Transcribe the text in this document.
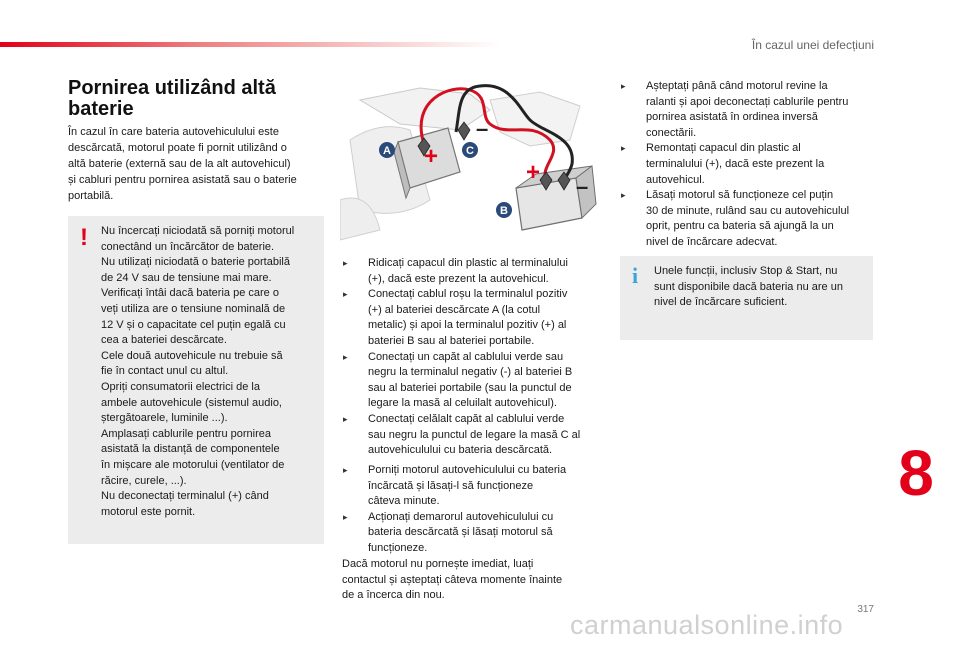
În cazul unei defecțiuni
Pornirea utilizând altă
baterie
În cazul în care bateria autovehiculului este
descărcată, motorul poate fi pornit utilizând o
altă baterie (externă sau de la alt autovehicul)
și cabluri pentru pornirea asistată sau o baterie
portabilă.
!	Nu încercați niciodată să porniți motorul
conectând un încărcător de baterie.
Nu utilizați niciodată o baterie portabilă
de 24 V sau de tensiune mai mare.
Verificați întâi dacă bateria pe care o
veți utiliza are o tensiune nominală de
12 V și o capacitate cel puțin egală cu
cea a bateriei descărcate.
Cele două autovehicule nu trebuie să
fie în contact unul cu altul.
Opriți consumatorii electrici de la
ambele autovehicule (sistemul audio,
ștergătoarele, luminile ...).
Amplasați cablurile pentru pornirea
asistată la distanță de componentele
în mișcare ale motorului (ventilator de
răcire, curele, ...).
Nu deconectați terminalul (+) când
motorul este pornit.
+
–
+
–
A	C
B
▸ Ridicați capacul din plastic al terminalului
(+), dacă este prezent la autovehicul.
▸ Conectați cablul roșu la terminalul pozitiv
(+) al bateriei descărcate A (la cotul
metalic) și apoi la terminalul pozitiv (+) al
bateriei B sau al bateriei portabile.
▸ Conectați un capăt al cablului verde sau
negru la terminalul negativ (-) al bateriei B
sau al bateriei portabile (sau la punctul de
legare la masă al celuilalt autovehicul).
▸ Conectați celălalt capăt al cablului verde
sau negru la punctul de legare la masă C al
autovehiculului cu bateria descărcată.
▸ Porniți motorul autovehiculului cu bateria
încărcată și lăsați-l să funcționeze
câteva minute.
▸ Acționați demarorul autovehiculului cu
bateria descărcată și lăsați motorul să
funcționeze.
Dacă motorul nu pornește imediat, luați
contactul și așteptați câteva momente înainte
de a încerca din nou.
▸ Așteptați până când motorul revine la
ralanti și apoi deconectați cablurile pentru
pornirea asistată în ordinea inversă
conectării.
▸ Remontați capacul din plastic al
terminalului (+), dacă este prezent la
autovehicul.
▸ Lăsați motorul să funcționeze cel puțin
30 de minute, rulând sau cu autovehiculul
oprit, pentru ca bateria să ajungă la un
nivel de încărcare adecvat.
i	Unele funcții, inclusiv Stop & Start, nu
sunt disponibile dacă bateria nu are un
nivel de încărcare suficient.
8
317
carmanualsonline.info
